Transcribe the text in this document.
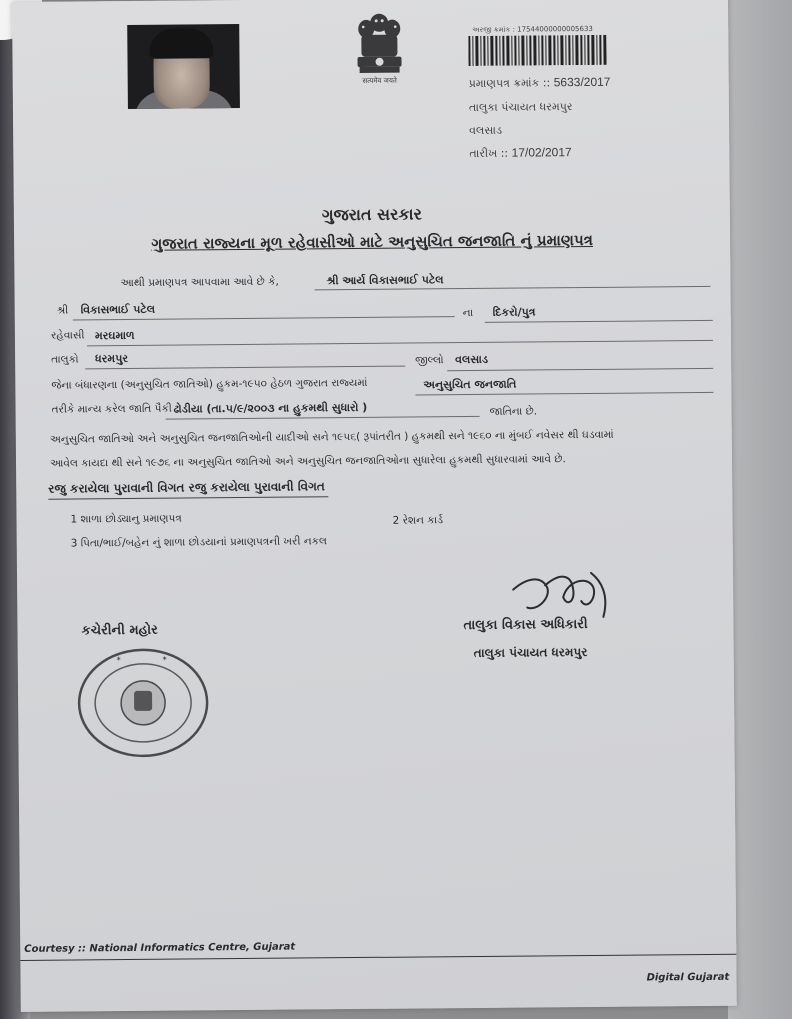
सत्यमेव जयते
અરજી ક્રમાંક : 17544000000005633
પ્રમાણપત્ર ક્રમાંક :: 5633/2017
તાલુકા પંચાયત ધરમપુર
વલસાડ
તારીખ :: 17/02/2017
ગુજરાત સરકાર
ગુજરાત રાજ્યના મૂળ રહેવાસીઓ માટે અનુસુચિત જનજાતિ નું પ્રમાણપત્ર
આથી પ્રમાણપત્ર આપવામા આવે છે કે,	શ્રી આર્ય વિકાસભાઈ પટેલ
શ્રી વિકાસભાઈ પટેલ	ના દિકરો/પુત્ર
રહેવાસી મરઘમાળ
તાલુકો ધરમપુર	જીલ્લો વલસાડ
જેના બંધારણના (અનુસુચિત જાતિઓ) હુકમ-૧૯૫૦ હેઠળ ગુજરાત રાજ્યમાં	અનુસુચિત જનજાતિ
તરીકે માન્ય કરેલ જાતિ પૈકી ઢોડીયા (તા.૫/૯/૨૦૦૩ ના હુકમથી સુધારો )	જાતિના છે.
અનુસુચિત જાતિઓ અને અનુસુચિત જનજાતિઓની યાદીઓ સને ૧૯૫૬( રૂપાંતરીત ) હુકમથી સને ૧૯૬૦ ના મુંબઈ નવેસર થી ઘડવામાં
આવેલ કાયદા થી સને ૧૯૭૬ ના અનુસુચિત જાતિઓ અને અનુસુચિત જનજાતિઓના સુધારેલા હુકમથી સુધારવામાં આવે છે.
રજુ કરાયેલા પુરાવાની વિગત રજુ કરાયેલા પુરાવાની વિગત
1 શાળા છોડ્યાનુ પ્રમાણપત્ર	2 રેશન કાર્ડ
3 પિતા/ભાઈ/બહેન નું શાળા છોડયાનાં પ્રમાણપત્રની ખરી નકલ
કચેરીની મહોર
✶	✶
તાલુકા વિકાસ અધિકારી
તાલુકા પંચાયત ધરમપુર
Courtesy :: National Informatics Centre, Gujarat
Digital Gujarat
